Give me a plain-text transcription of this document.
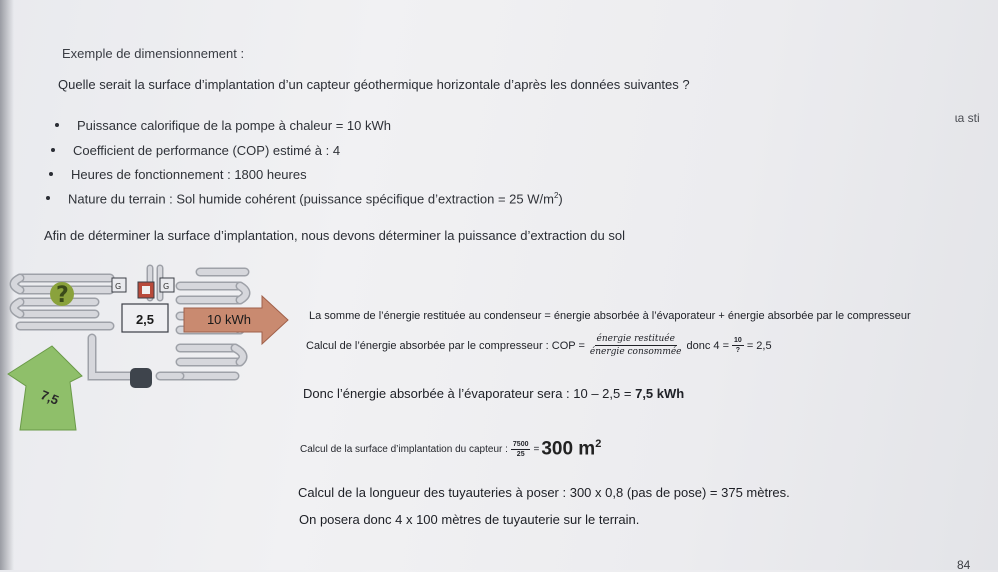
Exemple de dimensionnement :
Quelle serait la surface d’implantation d’un capteur géothermique horizontale d’après les données suivantes ?
ɩa sti
Puissance calorifique de la pompe à chaleur = 10 kWh
Coefficient de performance (COP) estimé à : 4
Heures de fonctionnement : 1800 heures
Nature du terrain : Sol humide cohérent (puissance spécifique d’extraction = 25 $W/m^2$)
Afin de déterminer la surface d’implantation, nous devons déterminer la puissance d’extraction du sol
G	G
?
2,5	10 kWh
7,5
La somme de l’énergie restituée au condenseur = énergie absorbée à l’évaporateur + énergie absorbée par le compresseur
Calcul de l’énergie absorbée par le compresseur : COP = $\frac{\text{énergie restituée}}{\text{énergie consommée}}$ donc $4 = \frac{10}{?} = 2,5$
Donc l’énergie absorbée à l’évaporateur sera : 10 – 2,5 = 7,5 kWh
Calcul de la surface d’implantation du capteur : $\frac{7500}{25} = 300$ $m^2$
Calcul de la longueur des tuyauteries à poser : 300 x 0,8 (pas de pose) = 375 mètres.
On posera donc 4 x 100 mètres de tuyauterie sur le terrain.
84
